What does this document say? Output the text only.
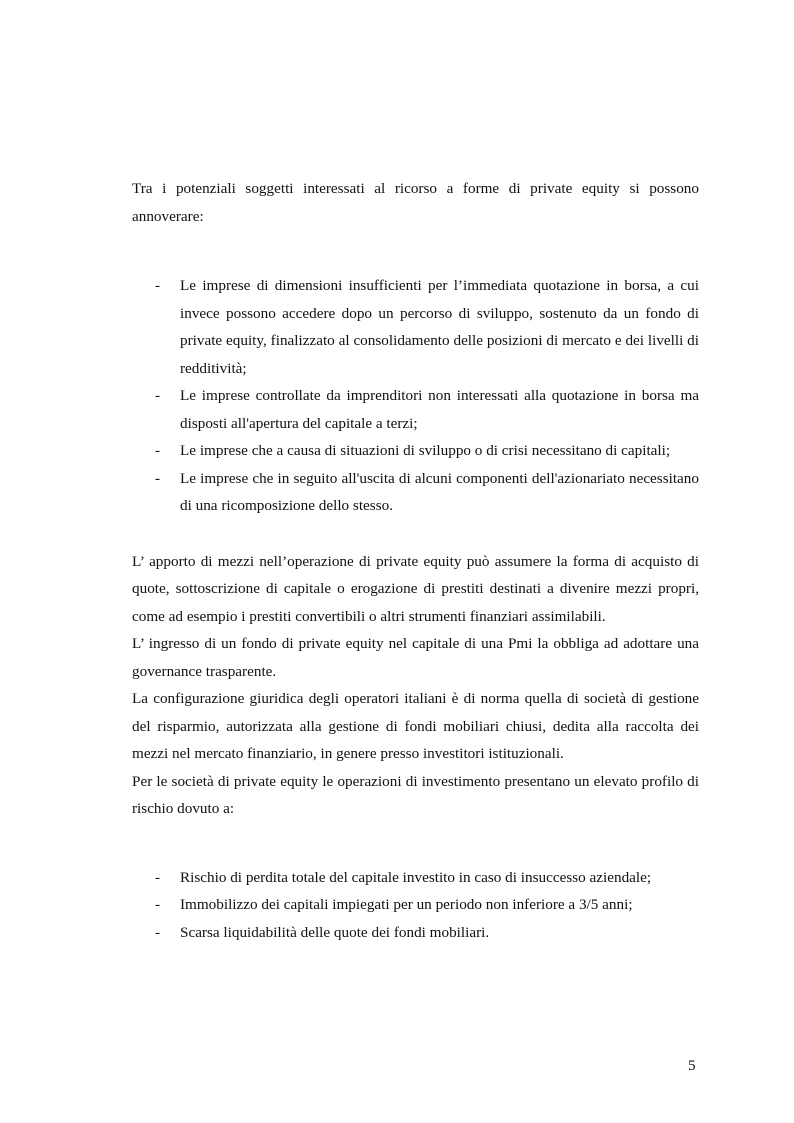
Tra i potenziali soggetti interessati al ricorso a forme di private equity si possono annoverare:

- Le imprese di dimensioni insufficienti per l’immediata quotazione in borsa, a cui invece possono accedere dopo un percorso di sviluppo, sostenuto da un fondo di private equity, finalizzato al consolidamento delle posizioni di mercato e dei livelli di redditività;
- Le imprese controllate da imprenditori non interessati alla quotazione in borsa ma disposti all'apertura del capitale a terzi;
- Le imprese che a causa di situazioni di sviluppo o di crisi necessitano di capitali;
- Le imprese che in seguito all'uscita di alcuni componenti dell'azionariato necessitano di una ricomposizione dello stesso.

L’ apporto di mezzi nell’operazione di private equity può assumere la forma di acquisto di quote, sottoscrizione di capitale o erogazione di prestiti destinati a divenire mezzi propri, come ad esempio i prestiti convertibili o altri strumenti finanziari assimilabili.

L’ ingresso di un fondo di private equity nel capitale di una Pmi la obbliga ad adottare una governance trasparente.

La configurazione giuridica degli operatori italiani è di norma quella di società di gestione del risparmio, autorizzata alla gestione di fondi mobiliari chiusi, dedita alla raccolta dei mezzi nel mercato finanziario, in genere presso investitori istituzionali.

Per le società di private equity le operazioni di investimento presentano un elevato profilo di rischio dovuto a:

- Rischio di perdita totale del capitale investito in caso di insuccesso aziendale;
- Immobilizzo dei capitali impiegati per un periodo non inferiore a 3/5 anni;
- Scarsa liquidabilità delle quote dei fondi mobiliari.
5
